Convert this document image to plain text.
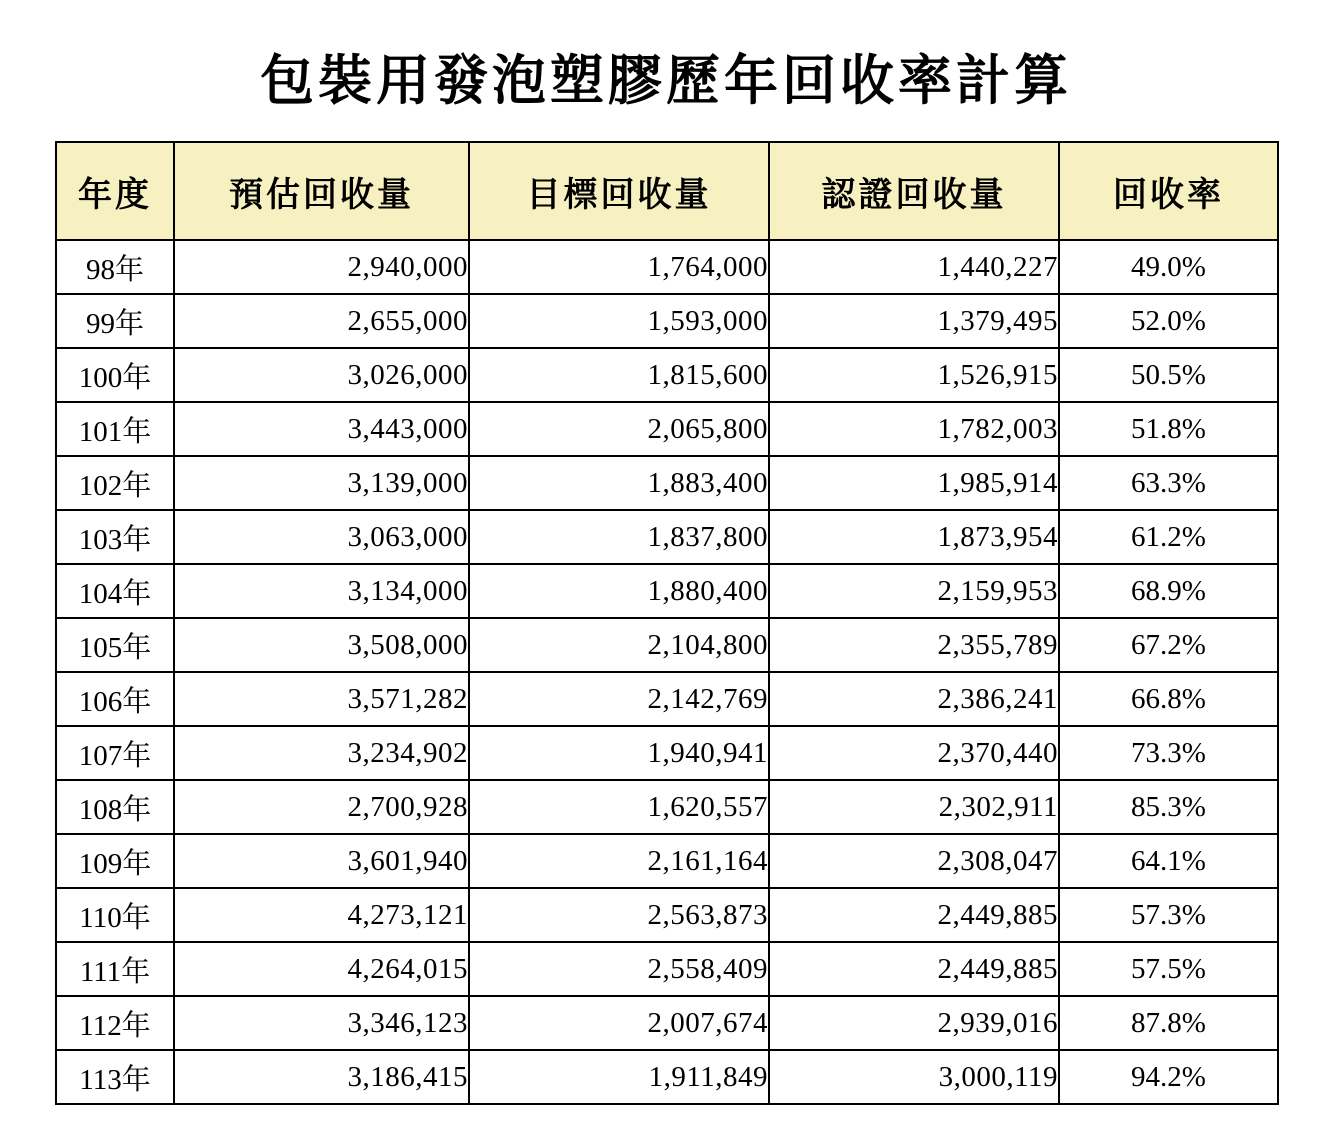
包裝用發泡塑膠歷年回收率計算
年度	預估回收量	目標回收量	認證回收量	回收率
98年	2,940,000	1,764,000	1,440,227	49.0%
99年	2,655,000	1,593,000	1,379,495	52.0%
100年	3,026,000	1,815,600	1,526,915	50.5%
101年	3,443,000	2,065,800	1,782,003	51.8%
102年	3,139,000	1,883,400	1,985,914	63.3%
103年	3,063,000	1,837,800	1,873,954	61.2%
104年	3,134,000	1,880,400	2,159,953	68.9%
105年	3,508,000	2,104,800	2,355,789	67.2%
106年	3,571,282	2,142,769	2,386,241	66.8%
107年	3,234,902	1,940,941	2,370,440	73.3%
108年	2,700,928	1,620,557	2,302,911	85.3%
109年	3,601,940	2,161,164	2,308,047	64.1%
110年	4,273,121	2,563,873	2,449,885	57.3%
111年	4,264,015	2,558,409	2,449,885	57.5%
112年	3,346,123	2,007,674	2,939,016	87.8%
113年	3,186,415	1,911,849	3,000,119	94.2%
